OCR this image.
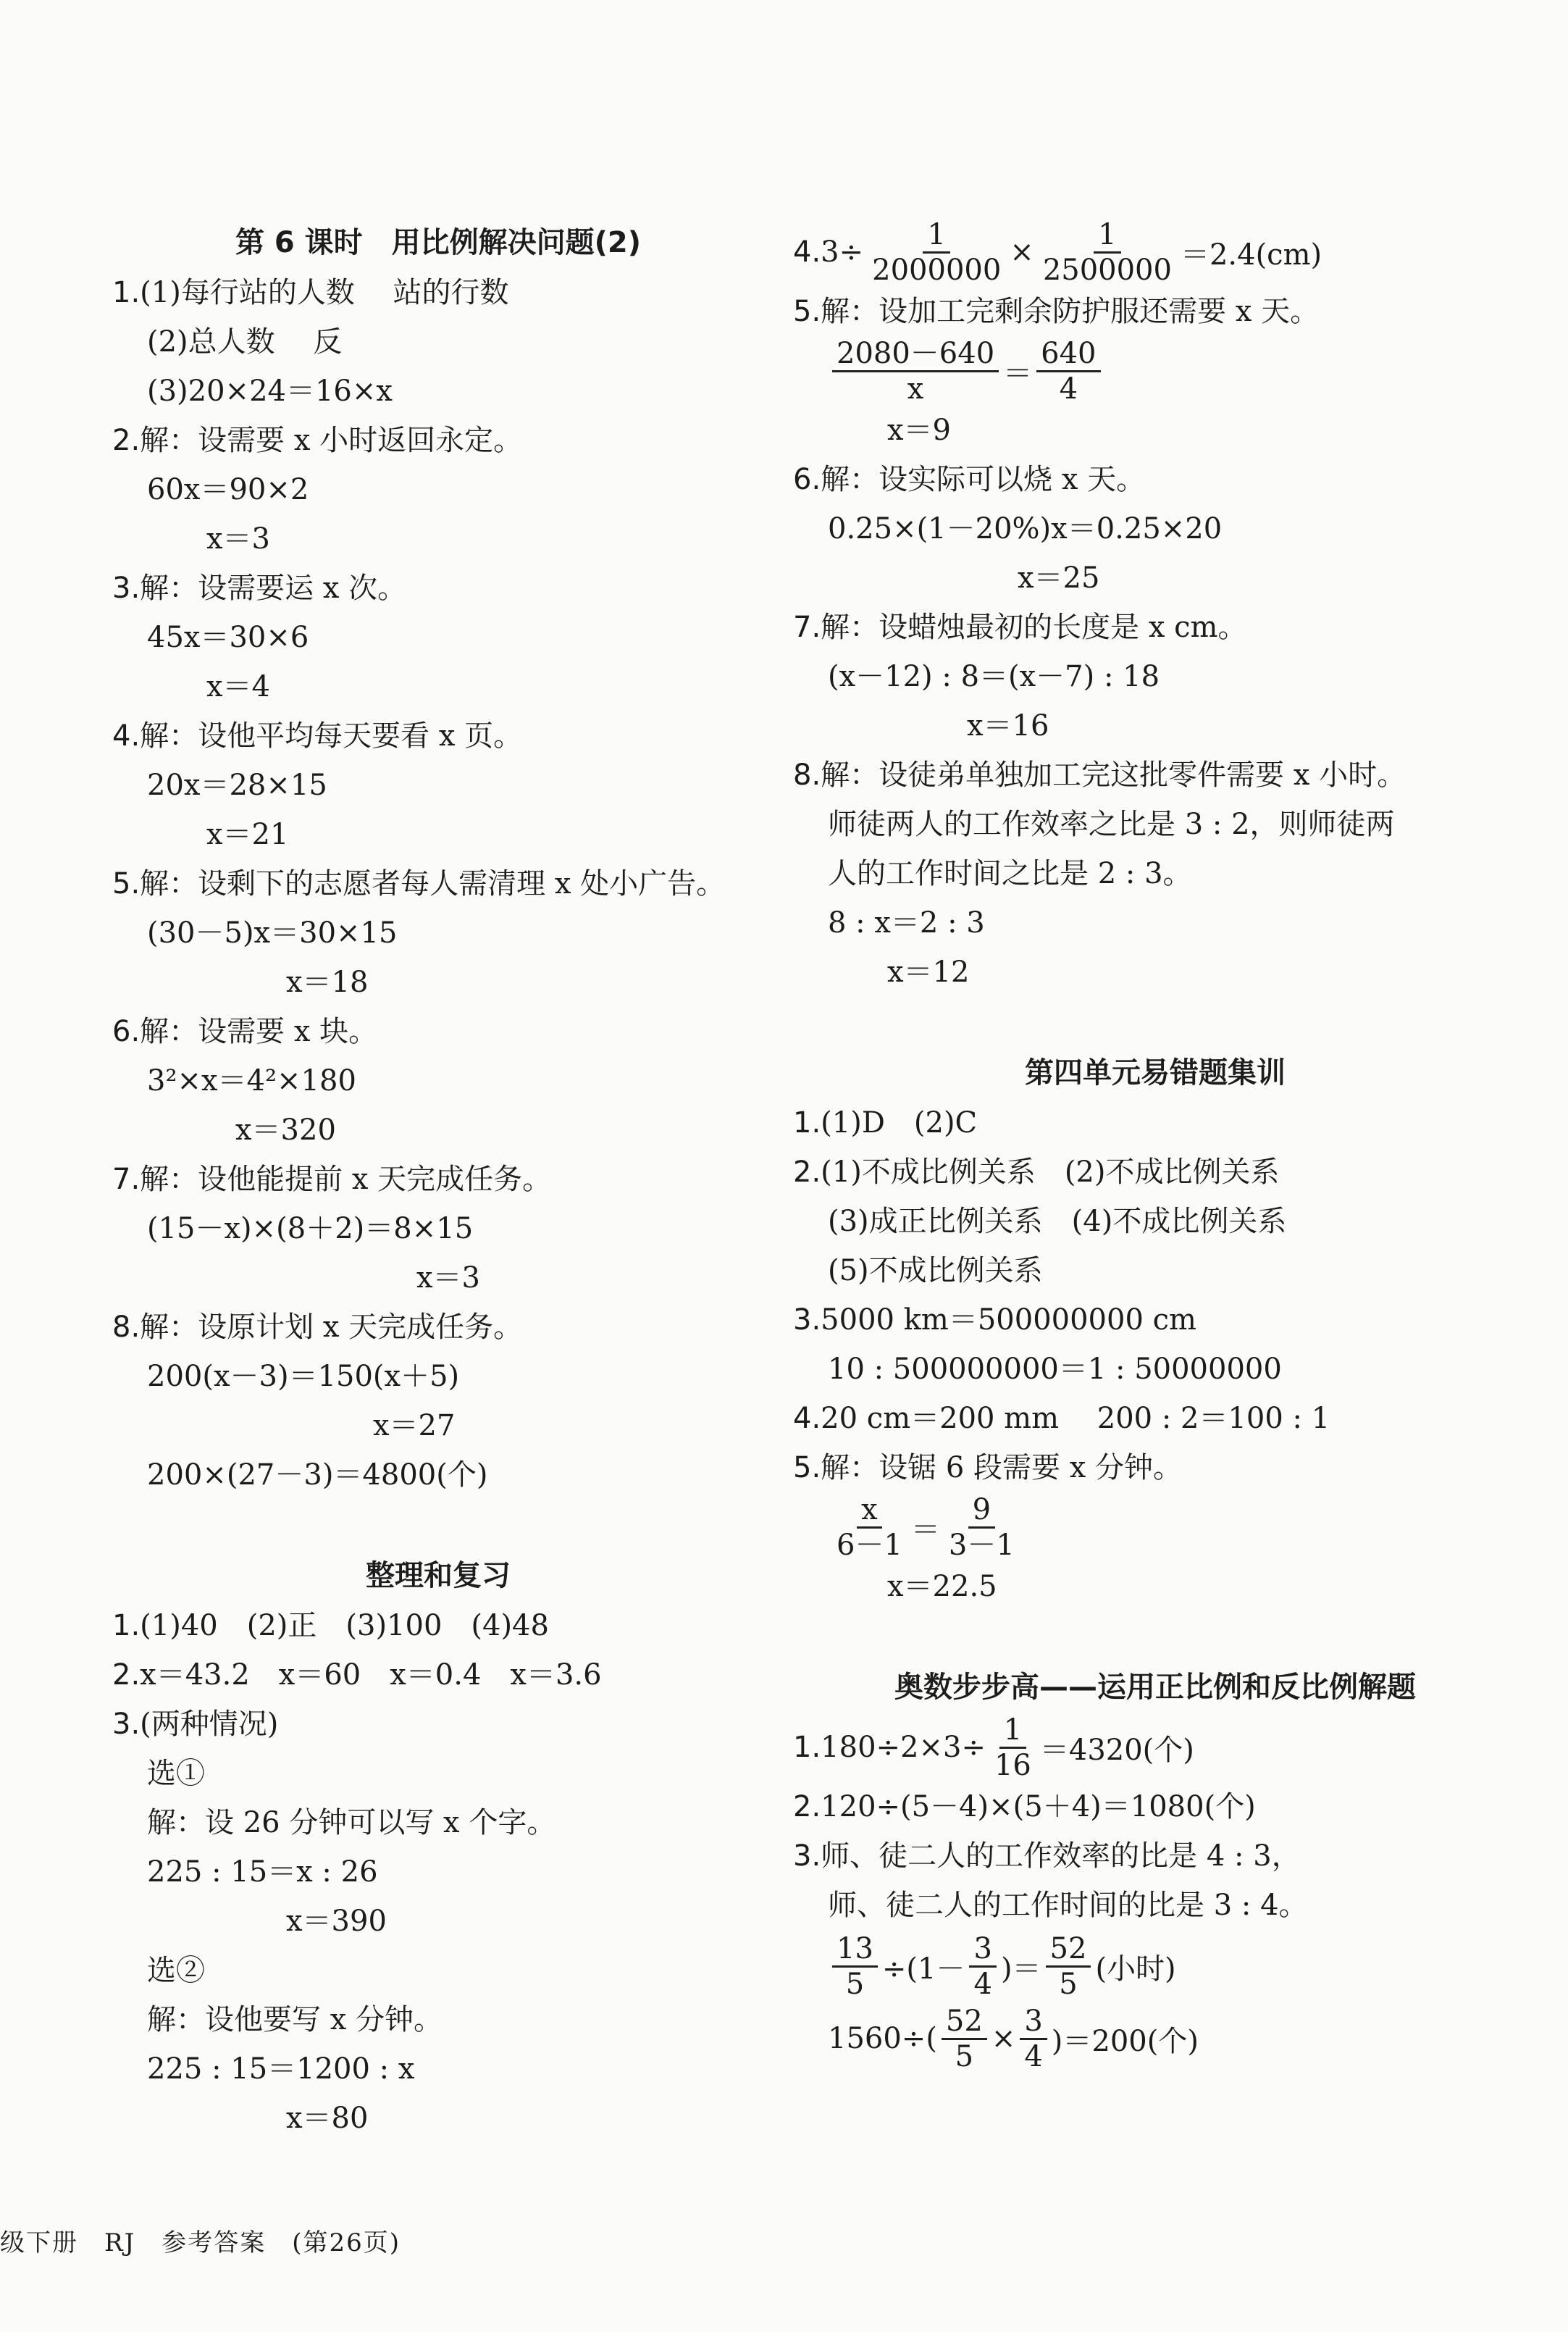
第 6 课时　用比例解决问题(2)
1.(1)每行站的人数　 站的行数
(2)总人数　 反
(3)20×24＝16×x
2.解：设需要 x 小时返回永定。
60x＝90×2
x＝3
3.解：设需要运 x 次。
45x＝30×6
x＝4
4.解：设他平均每天要看 x 页。
20x＝28×15
x＝21
5.解：设剩下的志愿者每人需清理 x 处小广告。
(30－5)x＝30×15
x＝18
6.解：设需要 x 块。
3²×x＝4²×180
x＝320
7.解：设他能提前 x 天完成任务。
(15－x)×(8＋2)＝8×15
x＝3
8.解：设原计划 x 天完成任务。
200(x－3)＝150(x＋5)
x＝27
200×(27－3)＝4800(个)
整理和复习
1.(1)40　(2)正　(3)100　(4)48
2.x＝43.2　x＝60　x＝0.4　x＝3.6
3.(两种情况)
选①
解：设 26 分钟可以写 x 个字。
225 : 15＝x : 26
x＝390
选②
解：设他要写 x 分钟。
225 : 15＝1200 : x
x＝80
4. $3\div \frac{1}{2000000} \times \frac{1}{2500000} =2.4(cm)$
5.解：设加工完剩余防护服还需要 x 天。
$\frac{2080-640}{x} = \frac{640}{4}$
x＝9
6.解：设实际可以烧 x 天。
0.25×(1－20%)x＝0.25×20
x＝25
7.解：设蜡烛最初的长度是 x cm。
(x－12) : 8＝(x－7) : 18
x＝16
8.解：设徒弟单独加工完这批零件需要 x 小时。
师徒两人的工作效率之比是 3 : 2，则师徒两
人的工作时间之比是 2 : 3。
8 : x＝2 : 3
x＝12
第四单元易错题集训
1.(1)D　(2)C
2.(1)不成比例关系　(2)不成比例关系
(3)成正比例关系　(4)不成比例关系
(5)不成比例关系
3.5000 km＝500000000 cm
10 : 500000000＝1 : 50000000
4.20 cm＝200 mm　 200 : 2＝100 : 1
5.解：设锯 6 段需要 x 分钟。
$\frac{x}{6-1} = \frac{9}{3-1}$
x＝22.5
奥数步步高——运用正比例和反比例解题
1. $180\div 2\times 3\div \frac{1}{16} =4320$(个)
2.120÷(5－4)×(5＋4)＝1080(个)
3.师、徒二人的工作效率的比是 4 : 3，
师、徒二人的工作时间的比是 3 : 4。
$\frac{13}{5} \div(1- \frac{3}{4}$ )＝ $\frac{52}{5}$ (小时)
$1560\div( \frac{52}{5} \times \frac{3}{4} )=200$(个)
级下册　RJ　参考答案　(第26页)
